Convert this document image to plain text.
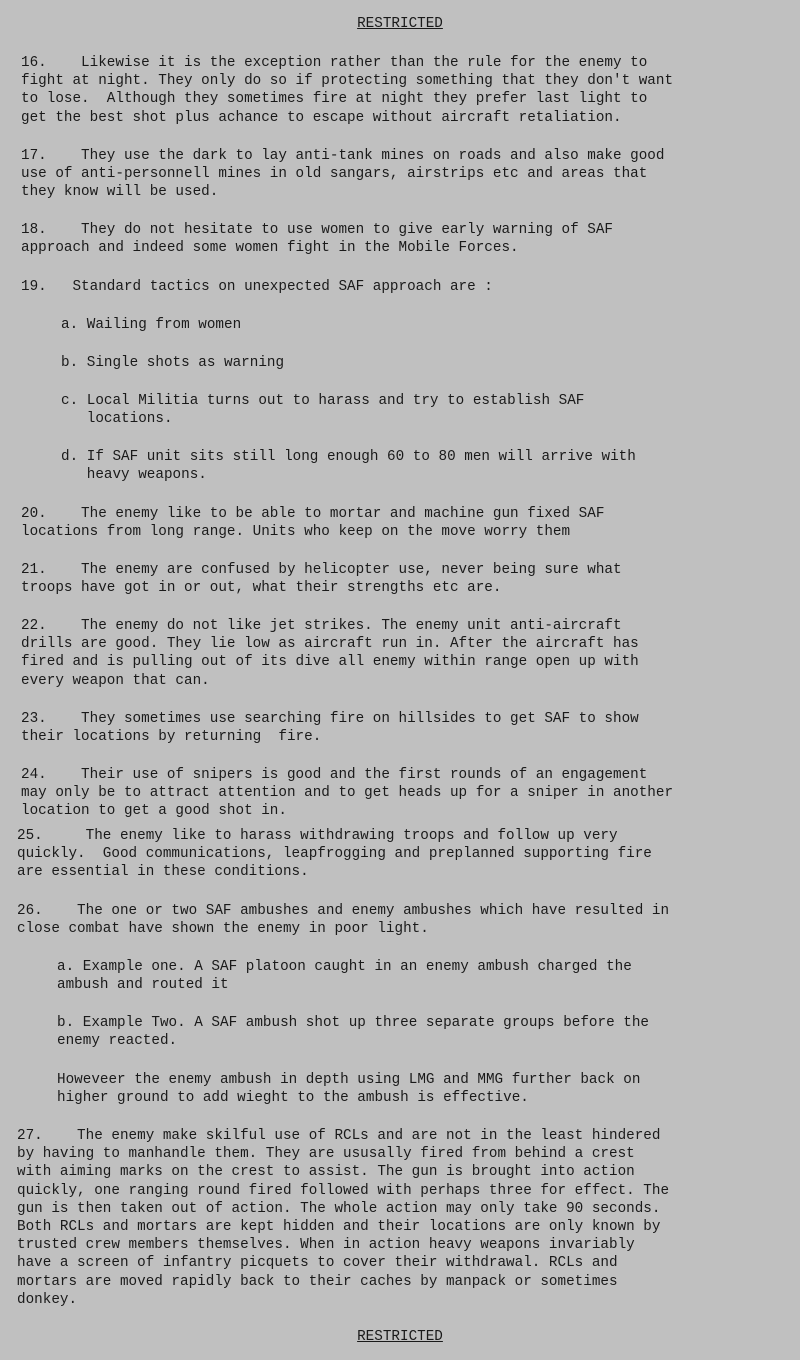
RESTRICTED

16.    Likewise it is the exception rather than the rule for the enemy to
fight at night. They only do so if protecting something that they don't want
to lose.  Although they sometimes fire at night they prefer last light to
get the best shot plus achance to escape without aircraft retaliation.

17.    They use the dark to lay anti-tank mines on roads and also make good
use of anti-personnell mines in old sangars, airstrips etc and areas that
they know will be used.

18.    They do not hesitate to use women to give early warning of SAF
approach and indeed some women fight in the Mobile Forces.

19.   Standard tactics on unexpected SAF approach are :

a. Wailing from women

b. Single shots as warning

c. Local Militia turns out to harass and try to establish SAF
locations.

d. If SAF unit sits still long enough 60 to 80 men will arrive with
heavy weapons.

20.    The enemy like to be able to mortar and machine gun fixed SAF
locations from long range. Units who keep on the move worry them

21.    The enemy are confused by helicopter use, never being sure what
troops have got in or out, what their strengths etc are.

22.    The enemy do not like jet strikes. The enemy unit anti-aircraft
drills are good. They lie low as aircraft run in. After the aircraft has
fired and is pulling out of its dive all enemy within range open up with
every weapon that can.

23.    They sometimes use searching fire on hillsides to get SAF to show
their locations by returning  fire.

24.    Their use of snipers is good and the first rounds of an engagement
may only be to attract attention and to get heads up for a sniper in another
location to get a good shot in.

25.     The enemy like to harass withdrawing troops and follow up very
quickly.  Good communications, leapfrogging and preplanned supporting fire
are essential in these conditions.

26.    The one or two SAF ambushes and enemy ambushes which have resulted in
close combat have shown the enemy in poor light.

a. Example one. A SAF platoon caught in an enemy ambush charged the
ambush and routed it

b. Example Two. A SAF ambush shot up three separate groups before the
enemy reacted.

Howeveer the enemy ambush in depth using LMG and MMG further back on
higher ground to add wieght to the ambush is effective.

27.    The enemy make skilful use of RCLs and are not in the least hindered
by having to manhandle them. They are ususally fired from behind a crest
with aiming marks on the crest to assist. The gun is brought into action
quickly, one ranging round fired followed with perhaps three for effect. The
gun is then taken out of action. The whole action may only take 90 seconds.
Both RCLs and mortars are kept hidden and their locations are only known by
trusted crew members themselves. When in action heavy weapons invariably
have a screen of infantry picquets to cover their withdrawal. RCLs and
mortars are moved rapidly back to their caches by manpack or sometimes
donkey.

RESTRICTED
